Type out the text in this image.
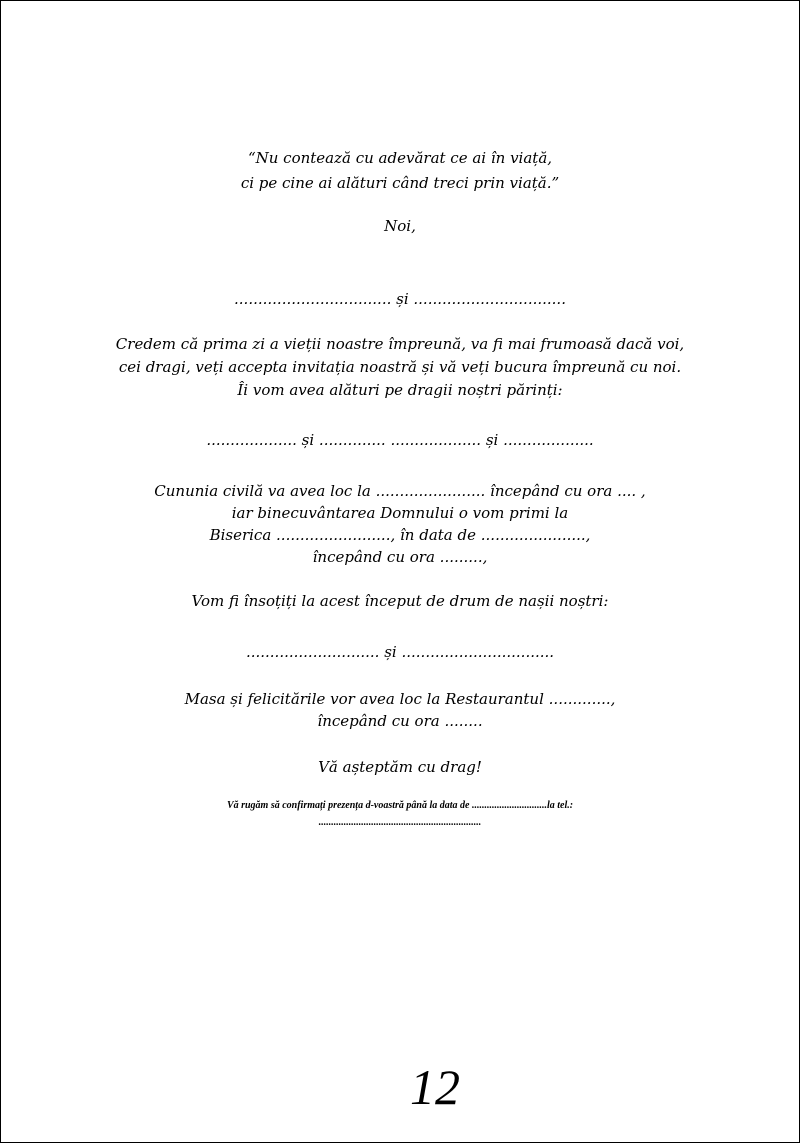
“Nu contează cu adevărat ce ai în viață,
ci pe cine ai alături când treci prin viață.”
Noi,
................................. și ................................
Credem că prima zi a vieții noastre împreună, va fi mai frumoasă dacă voi,
cei dragi, veți accepta invitația noastră și vă veți bucura împreună cu noi.
Îi vom avea alături pe dragii noștri părinți:
................... și .............. ................... și ...................
Cununia civilă va avea loc la ....................... începând cu ora .... ,
iar binecuvântarea Domnului o vom primi la
Biserica ........................, în data de ......................,
începând cu ora .........,
Vom fi însoțiți la acest început de drum de nașii noștri:
............................ și ................................
Masa și felicitările vor avea loc la Restaurantul .............,
începând cu ora ........
Vă așteptăm cu drag!
Vă rugăm să confirmați prezența d-voastră până la data de ..............................la tel.:
.................................................................
12
